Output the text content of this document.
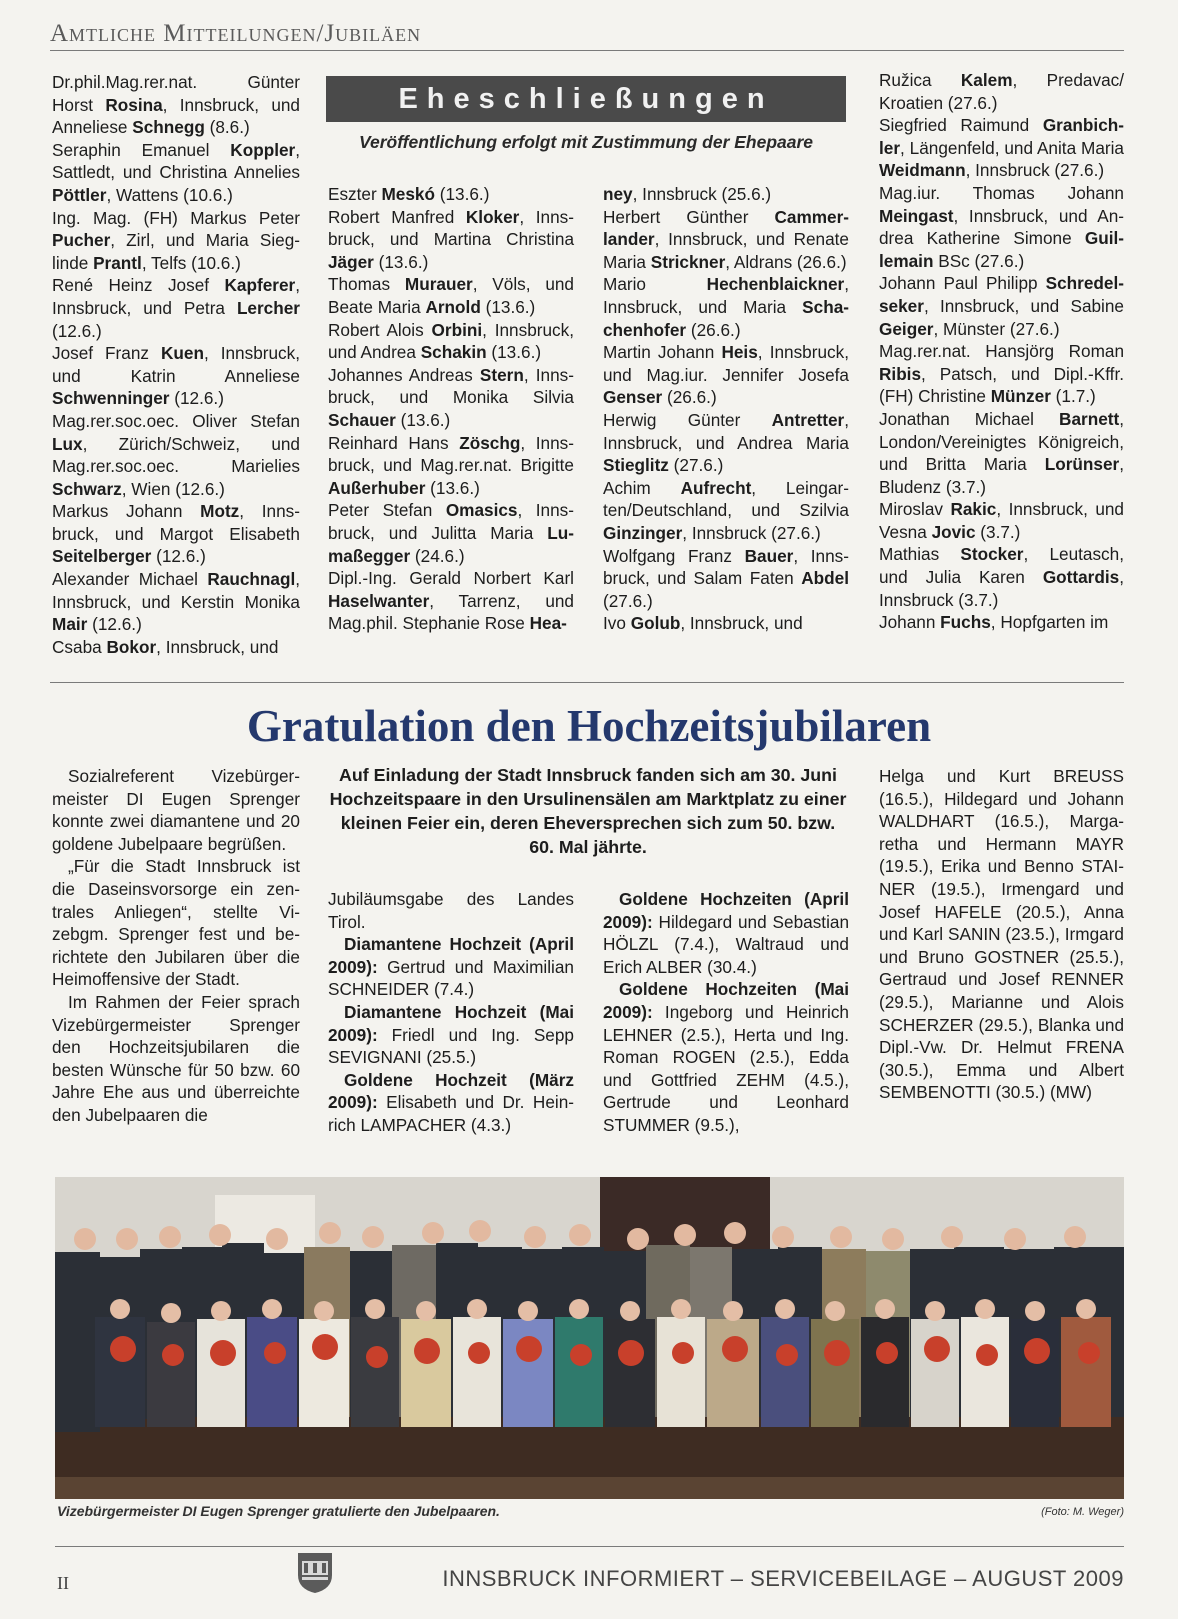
Amtliche Mitteilungen/Jubiläen

Dr.phil.Mag.rer.nat. Günter Horst Rosina, Innsbruck, und Anneliese Schnegg (8.6.)

Seraphin Emanuel Koppler, Sattledt, und Christina Annelies Pöttler, Wattens (10.6.)

Ing. Mag. (FH) Markus Peter Pucher, Zirl, und Maria Sieglinde Prantl, Telfs (10.6.)

René Heinz Josef Kapferer, Innsbruck, und Petra Lercher (12.6.)

Josef Franz Kuen, Innsbruck, und Katrin Anneliese Schwenninger (12.6.)

Mag.rer.soc.oec. Oliver Stefan Lux, Zürich/Schweiz, und Mag.rer.soc.oec. Marielies Schwarz, Wien (12.6.)

Markus Johann Motz, Innsbruck, und Margot Elisabeth Seitelberger (12.6.)

Alexander Michael Rauchnagl, Innsbruck, und Kerstin Monika Mair (12.6.)

Csaba Bokor, Innsbruck, und

Eheschließungen
Veröffentlichung erfolgt mit Zustimmung der Ehepaare

Eszter Meskó (13.6.)

Robert Manfred Kloker, Innsbruck, und Martina Christina Jäger (13.6.)

Thomas Murauer, Völs, und Beate Maria Arnold (13.6.)

Robert Alois Orbini, Innsbruck, und Andrea Schakin (13.6.)

Johannes Andreas Stern, Innsbruck, und Monika Silvia Schauer (13.6.)

Reinhard Hans Zöschg, Innsbruck, und Mag.rer.nat. Brigitte Außerhuber (13.6.)

Peter Stefan Omasics, Innsbruck, und Julitta Maria Lumaßegger (24.6.)

Dipl.-Ing. Gerald Norbert Karl Haselwanter, Tarrenz, und Mag.phil. Stephanie Rose Hea-

ney, Innsbruck (25.6.)

Herbert Günther Cammerlander, Innsbruck, und Renate Maria Strickner, Aldrans (26.6.)

Mario Hechenblaickner, Innsbruck, und Maria Schachenhofer (26.6.)

Martin Johann Heis, Innsbruck, und Mag.iur. Jennifer Josefa Genser (26.6.)

Herwig Günter Antretter, Innsbruck, und Andrea Maria Stieglitz (27.6.)

Achim Aufrecht, Leingarten/Deutschland, und Szilvia Ginzinger, Innsbruck (27.6.)

Wolfgang Franz Bauer, Innsbruck, und Salam Faten Abdel (27.6.)

Ivo Golub, Innsbruck, und

Ružica Kalem, Predavac/ Kroatien (27.6.)

Siegfried Raimund Granbichler, Längenfeld, und Anita Maria Weidmann, Innsbruck (27.6.)

Mag.iur. Thomas Johann Meingast, Innsbruck, und Andrea Katherine Simone Guillemain BSc (27.6.)

Johann Paul Philipp Schredelseker, Innsbruck, und Sabine Geiger, Münster (27.6.)

Mag.rer.nat. Hansjörg Roman Ribis, Patsch, und Dipl.-Kffr. (FH) Christine Münzer (1.7.)

Jonathan Michael Barnett, London/Vereinigtes Königreich, und Britta Maria Lorünser, Bludenz (3.7.)

Miroslav Rakic, Innsbruck, und Vesna Jovic (3.7.)

Mathias Stocker, Leutasch, und Julia Karen Gottardis, Innsbruck (3.7.)

Johann Fuchs, Hopfgarten im

Gratulation den Hochzeitsjubilaren

Sozialreferent Vizebürgermeister DI Eugen Sprenger konnte zwei diamantene und 20 goldene Jubelpaare begrüßen.

„Für die Stadt Innsbruck ist die Daseinsvorsorge ein zentrales Anliegen“, stellte Vizebgm. Sprenger fest und berichtete den Jubilaren über die Heimoffensive der Stadt.

Im Rahmen der Feier sprach Vizebürgermeister Sprenger den Hochzeitsjubilaren die besten Wünsche für 50 bzw. 60 Jahre Ehe aus und überreichte den Jubelpaaren die

Auf Einladung der Stadt Innsbruck fanden sich am 30. Juni Hochzeitspaare in den Ursulinensälen am Marktplatz zu einer kleinen Feier ein, deren Eheversprechen sich zum 50. bzw. 60. Mal jährte.

Jubiläumsgabe des Landes Tirol.

Diamantene Hochzeit (April 2009): Gertrud und Maximilian SCHNEIDER (7.4.)

Diamantene Hochzeit (Mai 2009): Friedl und Ing. Sepp SEVIGNANI (25.5.)

Goldene Hochzeit (März 2009): Elisabeth und Dr. Heinrich LAMPACHER (4.3.)

Goldene Hochzeiten (April 2009): Hildegard und Sebastian HÖLZL (7.4.), Waltraud und Erich ALBER (30.4.)

Goldene Hochzeiten (Mai 2009): Ingeborg und Heinrich LEHNER (2.5.), Herta und Ing. Roman ROGEN (2.5.), Edda und Gottfried ZEHM (4.5.), Gertrude und Leonhard STUMMER (9.5.),

Helga und Kurt BREUSS (16.5.), Hildegard und Johann WALDHART (16.5.), Margaretha und Hermann MAYR (19.5.), Erika und Benno STAINER (19.5.), Irmengard und Josef HAFELE (20.5.), Anna und Karl SANIN (23.5.), Irmgard und Bruno GOSTNER (25.5.), Gertraud und Josef RENNER (29.5.), Marianne und Alois SCHERZER (29.5.), Blanka und Dipl.-Vw. Dr. Helmut FRENA (30.5.), Emma und Albert SEMBENOTTI (30.5.) (MW)

Vizebürgermeister DI Eugen Sprenger gratulierte den Jubelpaaren.	(Foto: M. Weger)
II	INNSBRUCK INFORMIERT – SERVICEBEILAGE – AUGUST 2009
